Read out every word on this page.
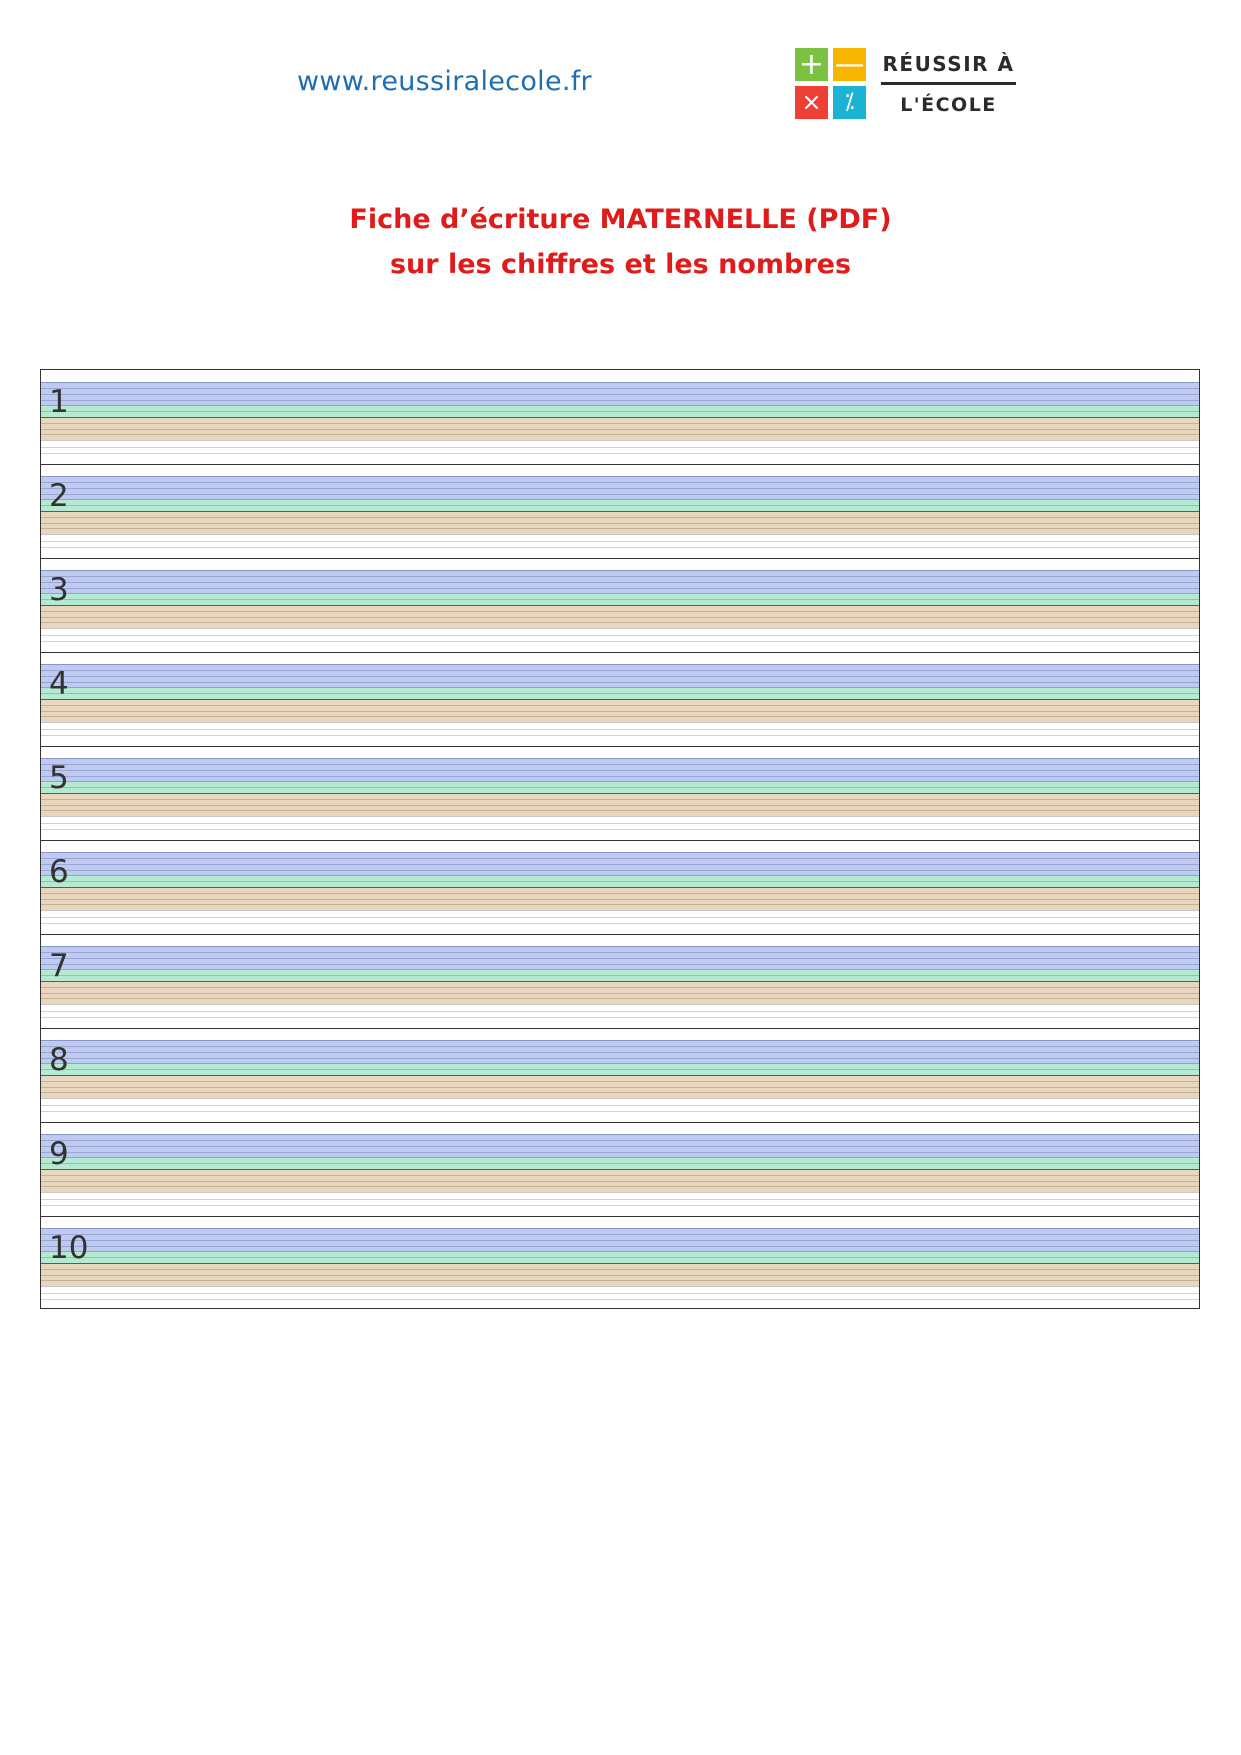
www.reussiralecole.fr	+ —
×	⁒
RÉUSSIR À
L'ÉCOLE
Fiche d’écriture MATERNELLE (PDF)
sur les chiffres et les nombres
1
2
3
4
5
6
7
8
9
10
